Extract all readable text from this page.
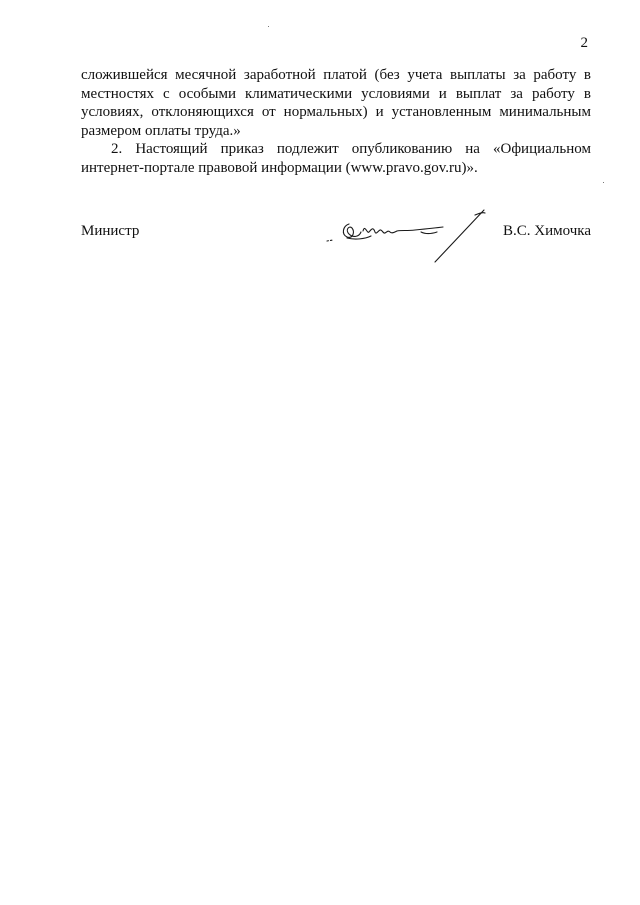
2

сложившейся месячной заработной платой (без учета выплаты за работу в местностях с особыми климатическими условиями и выплат за работу в условиях, отклоняющихся от нормальных) и установленным минимальным размером оплаты труда.»

2. Настоящий приказ подлежит опубликованию на «Официальном интернет-портале правовой информации (www.pravo.gov.ru)».

Министр	В.С. Химочка
